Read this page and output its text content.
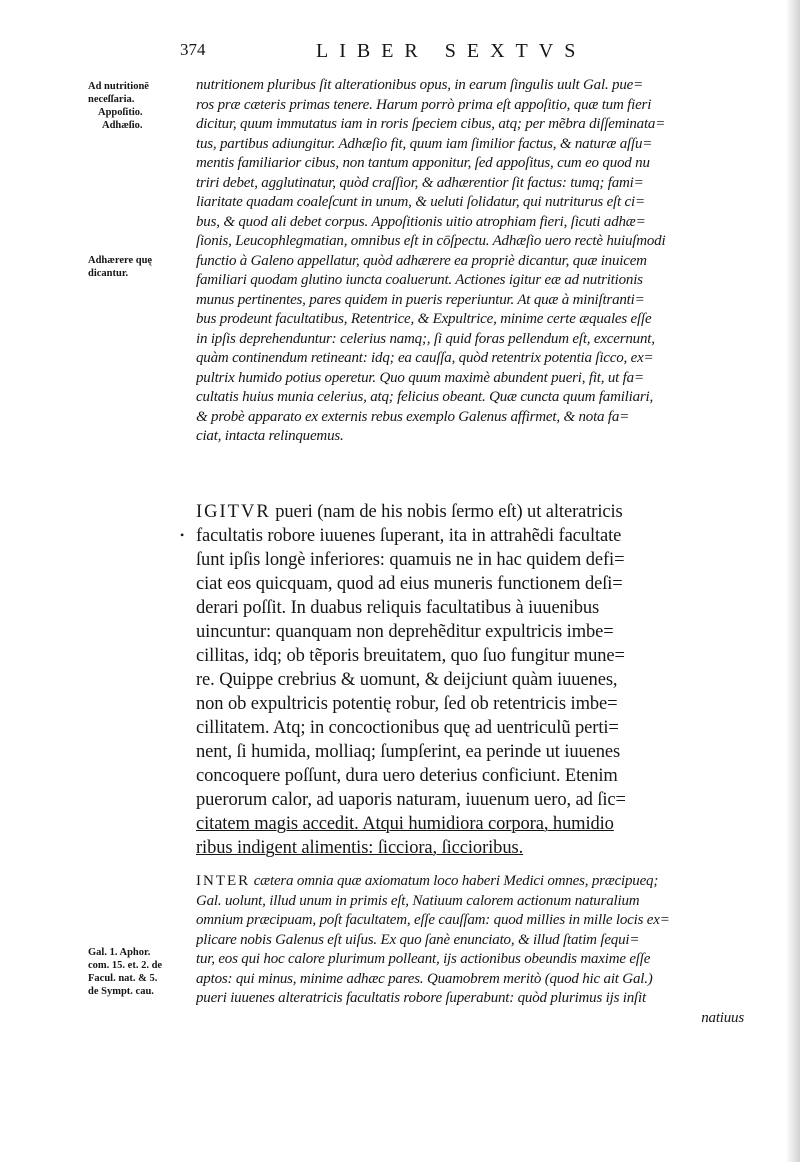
374	LIBER SEXTVS
Ad nutritionē
neceſſaria.
Appoſitio.
Adhæſio.
Adhærere quę
dicantur.
Gal. 1. Aphor.
com. 15. et. 2. de
Facul. nat. & 5.
de Sympt. cau.
nutritionem pluribus ſit alterationibus opus, in earum ſingulis uult Gal. pue=
ros præ cæteris primas tenere. Harum porrò prima eſt appoſitio, quæ tum fieri
dicitur, quum immutatus iam in roris ſpeciem cibus, atq; per mẽbra diſſeminata=
tus, partibus adiungitur. Adhæſio fit, quum iam ſimilior factus, & naturæ aſſu=
mentis familiarior cibus, non tantum apponitur, ſed appoſitus, cum eo quod nu
triri debet, agglutinatur, quòd craſſior, & adhærentior ſit factus: tumq; fami=
liaritate quadam coaleſcunt in unum, & ueluti ſolidatur, qui nutriturus eſt ci=
bus, & quod ali debet corpus. Appoſitionis uitio atrophiam fieri, ſicuti adhæ=
ſionis, Leucophlegmatian, omnibus eſt in cōſpectu. Adhæſio uero rectè huiuſmodi
functio à Galeno appellatur, quòd adhærere ea propriè dicantur, quæ inuicem
familiari quodam glutino iuncta coaluerunt. Actiones igitur eæ ad nutritionis
munus pertinentes, pares quidem in pueris reperiuntur. At quæ à miniſtranti=
bus prodeunt facultatibus, Retentrice, & Expultrice, minime certe æquales eſſe
in ipſis deprehenduntur: celerius namq;, ſi quid foras pellendum eſt, excernunt,
quàm continendum retineant: idq; ea cauſſa, quòd retentrix potentia ſicco, ex=
pultrix humido potius operetur. Quo quum maximè abundent pueri, fit, ut fa=
cultatis huius munia celerius, atq; felicius obeant. Quæ cuncta quum familiari,
& probè apparato ex externis rebus exemplo Galenus affirmet, & nota fa=
ciat, intacta relinquemus.
•
IGITVR pueri (nam de his nobis ſermo eſt) ut alteratricis
facultatis robore iuuenes ſuperant, ita in attrahẽdi facultate
ſunt ipſis longè inferiores: quamuis ne in hac quidem defi=
ciat eos quicquam, quod ad eius muneris functionem deſi=
derari poſſit. In duabus reliquis facultatibus à iuuenibus
uincuntur: quanquam non deprehẽditur expultricis imbe=
cillitas, idq; ob tẽporis breuitatem, quo ſuo fungitur mune=
re. Quippe crebrius & uomunt, & deijciunt quàm iuuenes,
non ob expultricis potentię robur, ſed ob retentricis imbe=
cillitatem. Atq; in concoctionibus quę ad uentriculũ perti=
nent, ſi humida, molliaq; ſumpſerint, ea perinde ut iuuenes
concoquere poſſunt, dura uero deterius conficiunt. Etenim
puerorum calor, ad uaporis naturam, iuuenum uero, ad ſic=
citatem magis accedit. Atqui humidiora corpora, humidio
ribus indigent alimentis: ſicciora, ſiccioribus.
INTER cætera omnia quæ axiomatum loco haberi Medici omnes, præcipueq;
Gal. uolunt, illud unum in primis eſt, Natiuum calorem actionum naturalium
omnium præcipuam, poſt facultatem, eſſe cauſſam: quod millies in mille locis ex=
plicare nobis Galenus eſt uiſus. Ex quo ſanè enunciato, & illud ſtatim ſequi=
tur, eos qui hoc calore plurimum polleant, ijs actionibus obeundis maxime eſſe
aptos: qui minus, minime adhæc pares. Quamobrem meritò (quod hic ait Gal.)
pueri iuuenes alteratricis facultatis robore ſuperabunt: quòd plurimus ijs inſit
natiuus
